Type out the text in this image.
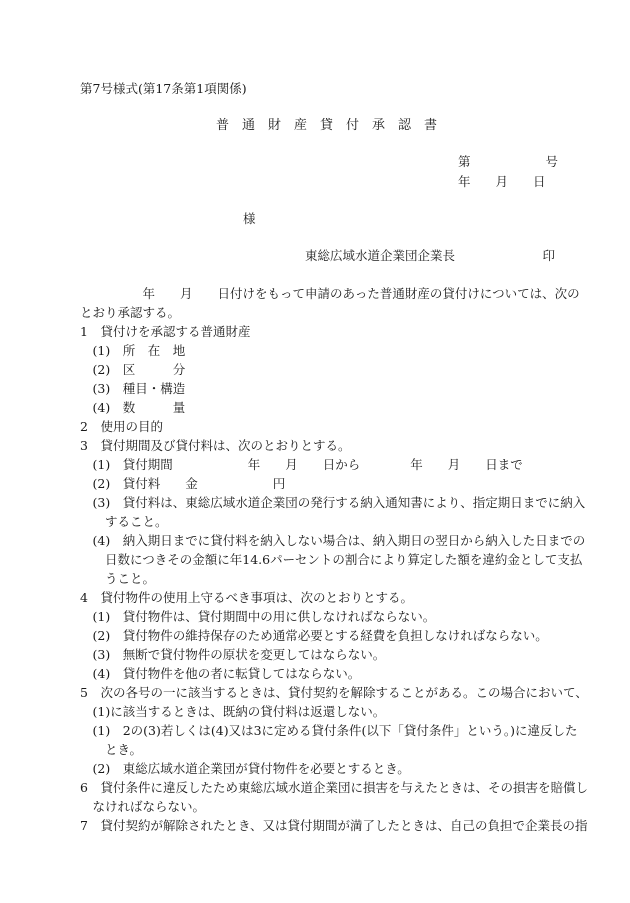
第7号様式(第17条第1項関係)
普　通　財　産　貸　付　承　認　書
第　　　　　　号
年　　月　　日
様
東総広域水道企業団企業長　　　　　　　印
　　　　　年　　月　　日付けをもって申請のあった普通財産の貸付けについては、次の
とおり承認する。
1　貸付けを承認する普通財産
　(1)　所　在　地
　(2)　区　　　分
　(3)　種目・構造
　(4)　数　　　量
2　使用の目的
3　貸付期間及び貸付料は、次のとおりとする。
　(1)　貸付期間　　　　　　年　　月　　日から　　　　年　　月　　日まで
　(2)　貸付料　　金　　　　　　円
　(3)　貸付料は、東総広域水道企業団の発行する納入通知書により、指定期日までに納入
　　すること。
　(4)　納入期日までに貸付料を納入しない場合は、納入期日の翌日から納入した日までの
　　日数につきその金額に年14.6パーセントの割合により算定した額を違約金として支払
　　うこと。
4　貸付物件の使用上守るべき事項は、次のとおりとする。
　(1)　貸付物件は、貸付期間中の用に供しなければならない。
　(2)　貸付物件の維持保存のため通常必要とする経費を負担しなければならない。
　(3)　無断で貸付物件の原状を変更してはならない。
　(4)　貸付物件を他の者に転貸してはならない。
5　次の各号の一に該当するときは、貸付契約を解除することがある。この場合において、
　(1)に該当するときは、既納の貸付料は返還しない。
　(1)　2の(3)若しくは(4)又は3に定める貸付条件(以下「貸付条件」という。)に違反した
　　とき。
　(2)　東総広域水道企業団が貸付物件を必要とするとき。
6　貸付条件に違反したため東総広域水道企業団に損害を与えたときは、その損害を賠償し
　なければならない。
7　貸付契約が解除されたとき、又は貸付期間が満了したときは、自己の負担で企業長の指
